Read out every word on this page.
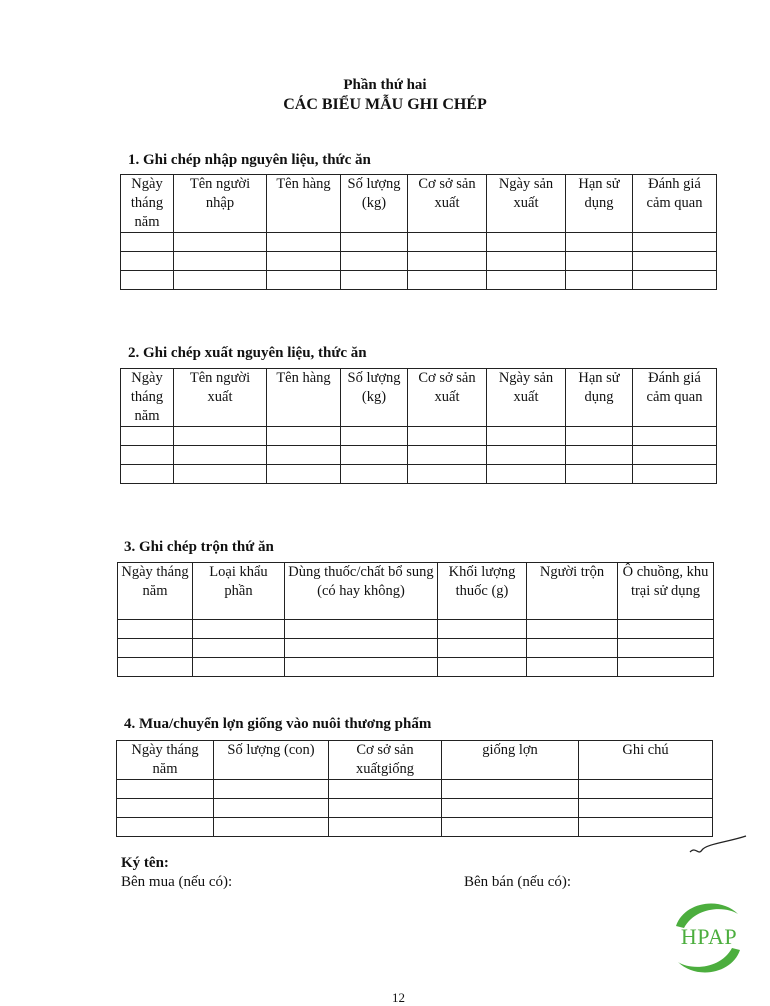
Phần thứ hai
CÁC BIỂU MẪU GHI CHÉP
1. Ghi chép nhập nguyên liệu, thức ăn
Ngày tháng năm	Tên người nhập	Tên hàng	Số lượng (kg)	Cơ sở sản xuất	Ngày sản xuất	Hạn sử dụng	Đánh giá cảm quan

2. Ghi chép xuất nguyên liệu, thức ăn
Ngày tháng năm	Tên người xuất	Tên hàng	Số lượng (kg)	Cơ sở sản xuất	Ngày sản xuất	Hạn sử dụng	Đánh giá cảm quan

3. Ghi chép trộn thứ ăn
Ngày tháng năm	Loại khẩu phần	Dùng thuốc/chất bổ sung (có hay không)	Khối lượng thuốc (g)	Người trộn	Ô chuồng, khu trại sử dụng

4. Mua/chuyển lợn giống vào nuôi thương phẩm
Ngày tháng năm	Số lượng (con)	Cơ sở sản xuấtgiống	giống lợn	Ghi chú

Ký tên:
Bên mua (nếu có):	Bên bán (nếu có):
HPAP
12
